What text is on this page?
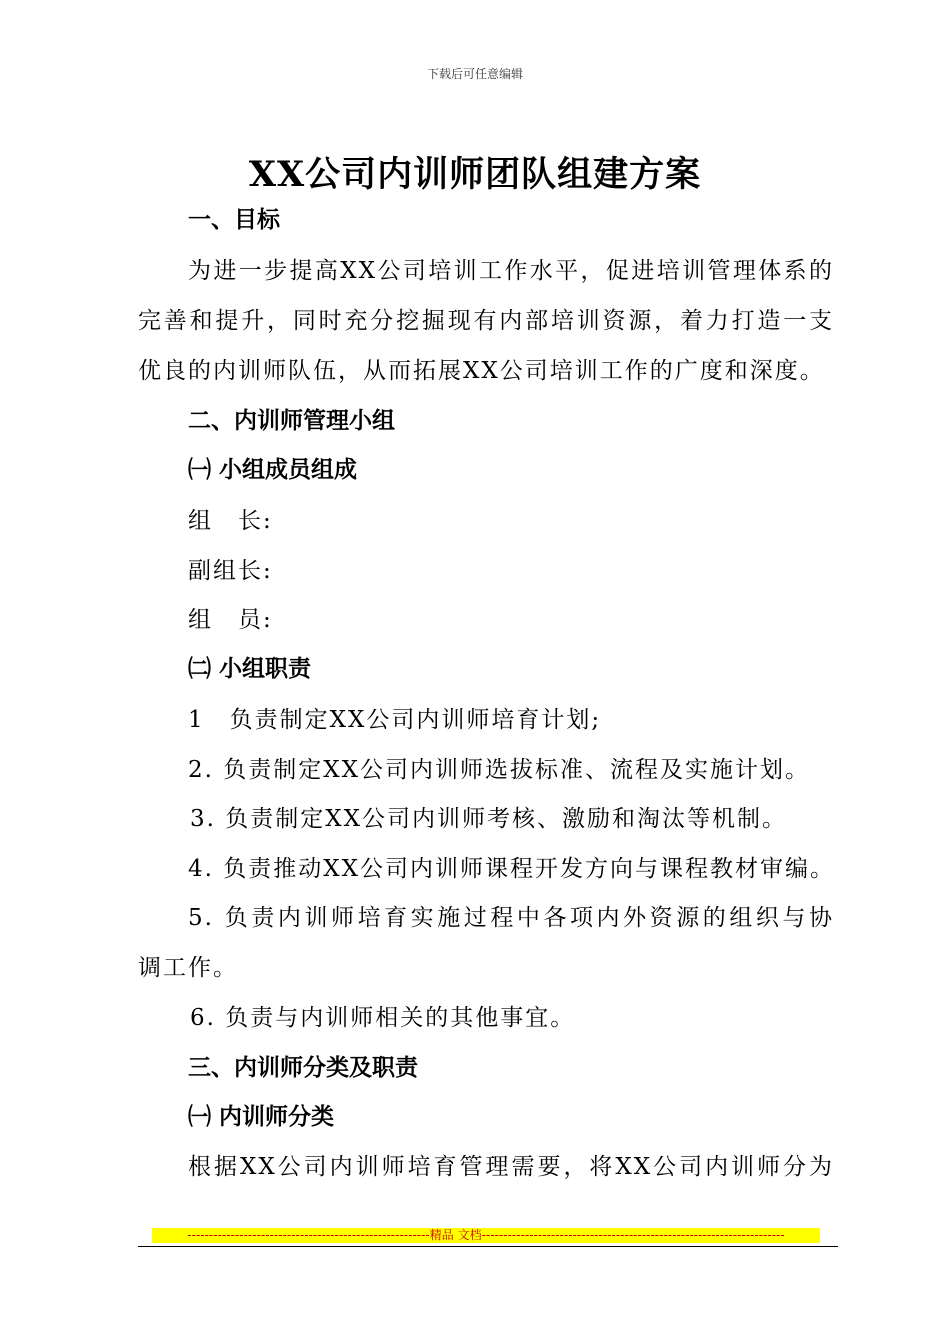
下载后可任意编辑
XX公司内训师团队组建方案
一、目标
为进一步提高XX公司培训工作水平，促进培训管理体系的
完善和提升，同时充分挖掘现有内部培训资源，着力打造一支
优良的内训师队伍，从而拓展XX公司培训工作的广度和深度。
二、内训师管理小组
㈠ 小组成员组成
组　长:
副组长:
组　员:
㈡ 小组职责
1　负责制定XX公司内训师培育计划;
2. 负责制定XX公司内训师选拔标准、流程及实施计划。
3. 负责制定XX公司内训师考核、激励和淘汰等机制。
4. 负责推动XX公司内训师课程开发方向与课程教材审编。
5. 负责内训师培育实施过程中各项内外资源的组织与协
调工作。
6. 负责与内训师相关的其他事宜。
三、内训师分类及职责
㈠ 内训师分类
根据XX公司内训师培育管理需要，将XX公司内训师分为
--------------------------------------------------------精品 文档----------------------------------------------------------------------
